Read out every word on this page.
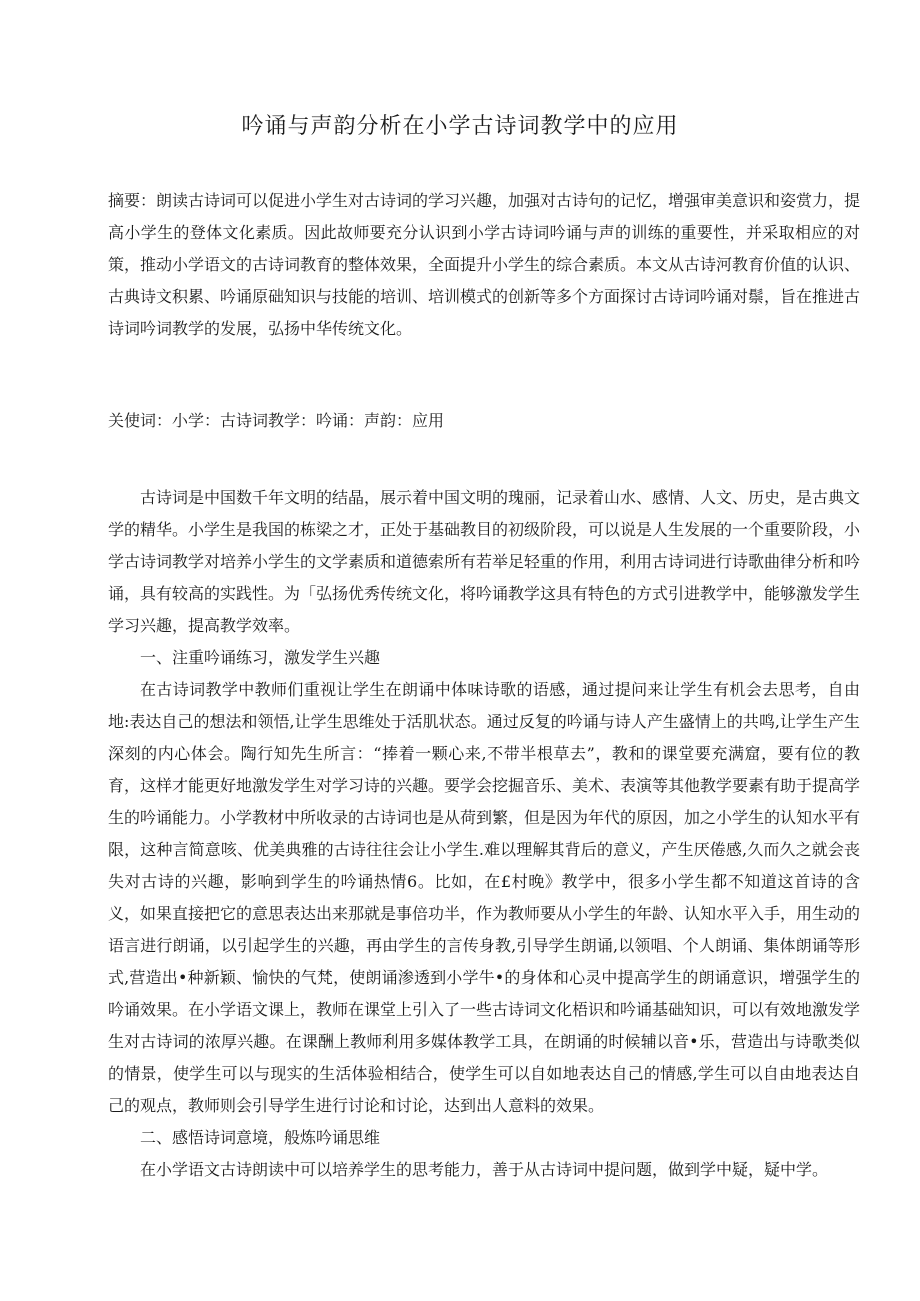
吟诵与声韵分析在小学古诗词教学中的应用

摘要：朗读古诗词可以促进小学生对古诗词的学习兴趣，加强对古诗句的记忆，增强审美意识和姿赏力，提高小学生的登体文化素质。因此故师要充分认识到小学古诗词吟诵与声的训练的重要性，并采取相应的对策，推动小学语文的古诗词教育的整体效果，全面提升小学生的综合素质。本文从古诗河教育价值的认识、古典诗文积累、吟诵原础知识与技能的培训、培训模式的创新等多个方面探讨古诗词吟诵对鬃，旨在推进古诗词吟词教学的发展，弘扬中华传统文化。

关使词：小学：古诗词教学：吟诵：声韵：应用

古诗词是中国数千年文明的结晶，展示着中国文明的瑰丽，记录着山水、感情、人文、历史，是古典文学的精华。小学生是我国的栋梁之才，正处于基础教目的初级阶段，可以说是人生发展的一个重要阶段，小学古诗词教学对培养小学生的文学素质和道德索所有若举足轻重的作用，利用古诗词进行诗歌曲律分析和吟诵，具有较高的实践性。为「弘扬优秀传统文化，将吟诵教学这具有特色的方式引进教学中，能够激发学生学习兴趣，提高教学效率。

一、注重吟诵练习，激发学生兴趣

在古诗词教学中教师们重视让学生在朗诵中体味诗歌的语感，通过提问来让学生有机会去思考，自由地:表达自己的想法和领悟,让学生思维处于活肌状态。通过反复的吟诵与诗人产生盛情上的共鸣,让学生产生深刻的内心体会。陶行知先生所言：“捧着一颗心来,不带半根草去”，教和的课堂要充满窟，要有位的教育，这样才能更好地激发学生对学习诗的兴趣。要学会挖掘音乐、美术、表演等其他教学要素有助于提高学生的吟诵能力。小学教材中所收录的古诗词也是从荷到繁，但是因为年代的原因，加之小学生的认知水平有限，这种言简意咳、优美典雅的古诗往往会让小学生.难以理解其背后的意义，产生厌倦感,久而久之就会丧失对古诗的兴趣，影响到学生的吟诵热情6。比如，在£村晚》教学中，很多小学生都不知道这首诗的含义，如果直接把它的意思表达出来那就是事倍功半，作为教师要从小学生的年龄、认知水平入手，用生动的语言进行朗诵，以引起学生的兴趣，再由学生的言传身教,引导学生朗诵,以领唱、个人朗诵、集体朗诵等形式,营造出•种新颖、愉快的气梵，使朗诵渗透到小学牛•的身体和心灵中提高学生的朗诵意识，增强学生的吟诵效果。在小学语文课上，教师在课堂上引入了一些古诗词文化梧识和吟诵基础知识，可以有效地激发学生对古诗词的浓厚兴趣。在课酬上教师利用多媒体教学工具，在朗诵的时候辅以音•乐，营造出与诗歌类似的情景，使学生可以与现实的生活体验相结合，使学生可以自如地表达自己的情感,学生可以自由地表达自己的观点，教师则会引导学生进行讨论和讨论，达到出人意料的效果。

二、感悟诗词意境，般炼吟诵思维

在小学语文古诗朗读中可以培养学生的思考能力，善于从古诗词中提问题，做到学中疑，疑中学。
